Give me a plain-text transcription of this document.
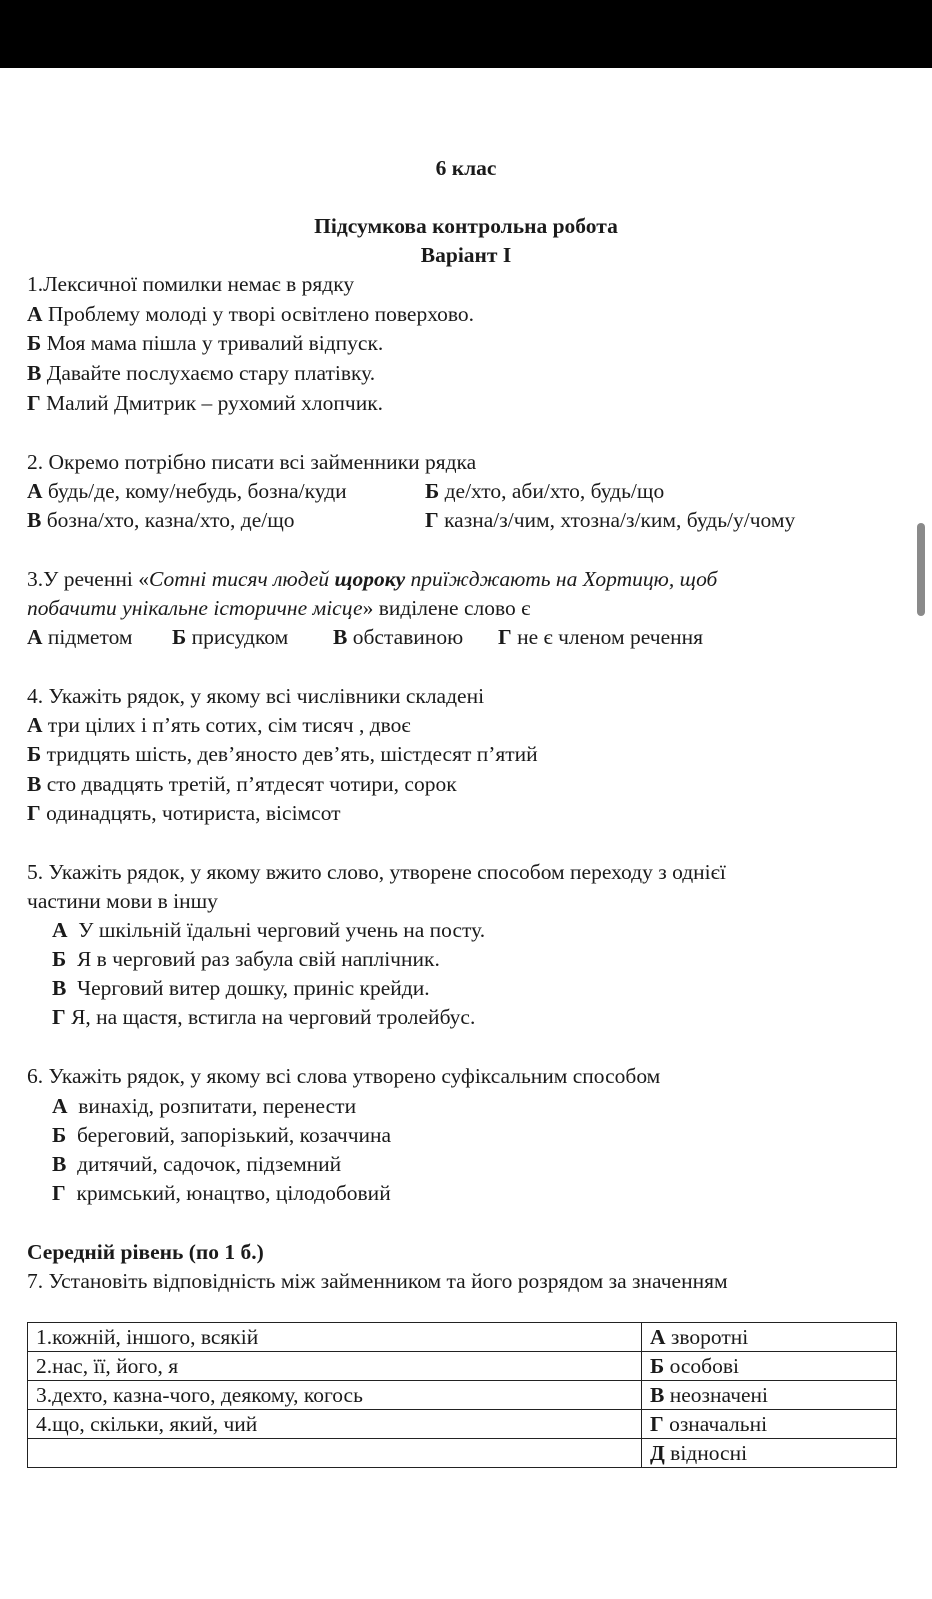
6 клас
Підсумкова контрольна робота
Варіант І
1.Лексичної помилки немає в рядку
А Проблему молоді у творі освітлено поверхово.
Б Моя мама пішла у тривалий відпуск.
В Давайте послухаємо стару платівку.
Г Малий Дмитрик – рухомий хлопчик.
2. Окремо потрібно писати всі займенники рядка
А будь/де, кому/небудь, бозна/куди	Б де/хто, аби/хто, будь/що
В бозна/хто, казна/хто, де/що	Г казна/з/чим, хтозна/з/ким, будь/у/чому
3.У реченні «Сотні тисяч людей щороку приїжджають на Хортицю, щоб
побачити унікальне історичне місце» виділене слово є
А підметом Б присудком В обставиною Г не є членом речення
4. Укажіть рядок, у якому всі числівники складені
А три цілих і п’ять сотих, сім тисяч , двоє
Б тридцять шість, дев’яносто дев’ять, шістдесят п’ятий
В сто двадцять третій, п’ятдесят чотири, сорок
Г одинадцять, чотириста, вісімсот
5. Укажіть рядок, у якому вжито слово, утворене способом переходу з однієї
частини мови в іншу
А У шкільній їдальні черговий учень на посту.
Б Я в черговий раз забула свій наплічник.
В Черговий витер дошку, приніс крейди.
Г Я, на щастя, встигла на черговий тролейбус.
6. Укажіть рядок, у якому всі слова утворено суфіксальним способом
А винахід, розпитати, перенести
Б береговий, запорізький, козаччина
В дитячий, садочок, підземний
Г кримський, юнацтво, цілодобовий
Середній рівень (по 1 б.)
7. Установіть відповідність між займенником та його розрядом за значенням
1.кожній, іншого, всякій	А зворотні
2.нас, її, його, я	Б особові
3.дехто, казна-чого, деякому, когось	В неозначені
4.що, скільки, який, чий	Г означальні
	Д відносні
